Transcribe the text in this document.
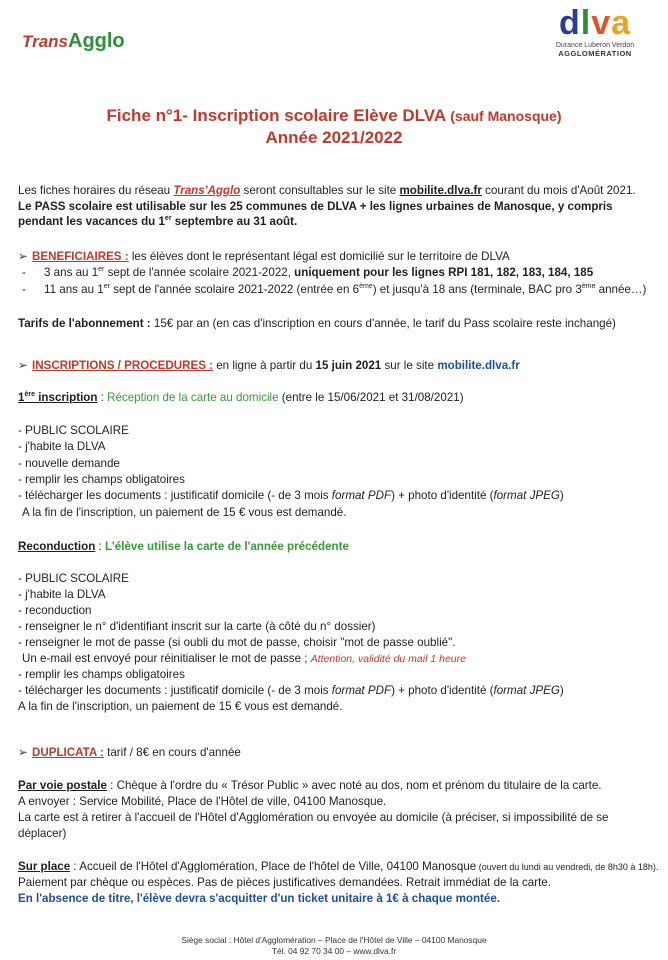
TransAgglo	dlva
Durance Luberon Verdon
AGGLOMÉRATION
Fiche n°1- Inscription scolaire Elève DLVA (sauf Manosque)
Année 2021/2022
Les fiches horaires du réseau Trans'Agglo seront consultables sur le site mobilite.dlva.fr courant du mois d'Août 2021.
Le PASS scolaire est utilisable sur les 25 communes de DLVA + les lignes urbaines de Manosque, y compris
pendant les vacances du 1er septembre au 31 août.
➢ BENEFICIAIRES : les élèves dont le représentant légal est domicilié sur le territoire de DLVA
- 3 ans au 1er sept de l'année scolaire 2021-2022, uniquement pour les lignes RPI 181, 182, 183, 184, 185
- 11 ans au 1er sept de l'année scolaire 2021-2022 (entrée en 6ème) et jusqu'à 18 ans (terminale, BAC pro 3ème année…)
Tarifs de l'abonnement : 15€ par an (en cas d'inscription en cours d'année, le tarif du Pass scolaire reste inchangé)
➢ INSCRIPTIONS / PROCEDURES : en ligne à partir du 15 juin 2021 sur le site mobilite.dlva.fr
1ère inscription : Réception de la carte au domicile (entre le 15/06/2021 et 31/08/2021)
- PUBLIC SCOLAIRE
- j'habite la DLVA
- nouvelle demande
- remplir les champs obligatoires
- télécharger les documents : justificatif domicile (- de 3 mois format PDF) + photo d'identité (format JPEG)
A la fin de l'inscription, un paiement de 15 € vous est demandé.
Reconduction : L'élève utilise la carte de l'année précédente
- PUBLIC SCOLAIRE
- j'habite la DLVA
- reconduction
- renseigner le n° d'identifiant inscrit sur la carte (à côté du n° dossier)
- renseigner le mot de passe (si oubli du mot de passe, choisir "mot de passe oublié".
Un e-mail est envoyé pour réinitialiser le mot de passe ; Attention, validité du mail 1 heure
- remplir les champs obligatoires
- télécharger les documents : justificatif domicile (- de 3 mois format PDF) + photo d'identité (format JPEG)
A la fin de l'inscription, un paiement de 15 € vous est demandé.
➢ DUPLICATA : tarif / 8€ en cours d'année
Par voie postale : Chèque à l'ordre du « Trésor Public » avec noté au dos, nom et prénom du titulaire de la carte.
A envoyer : Service Mobilité, Place de l'Hôtel de ville, 04100 Manosque.
La carte est à retirer à l'accueil de l'Hôtel d'Agglomération ou envoyée au domicile (à préciser, si impossibilité de se
déplacer)
Sur place : Accueil de l'Hôtel d'Agglomération, Place de l'hôtel de Ville, 04100 Manosque (ouvert du lundi au vendredi, de 8h30 à 18h).
Paiement par chèque ou espèces. Pas de pièces justificatives demandées. Retrait immédiat de la carte.
En l'absence de titre, l'élève devra s'acquitter d'un ticket unitaire à 1€ à chaque montée.
Siège social : Hôtel d'Agglomération – Place de l'Hôtel de Ville – 04100 Manosque
Tél. 04 92 70 34 00 – www.dlva.fr
